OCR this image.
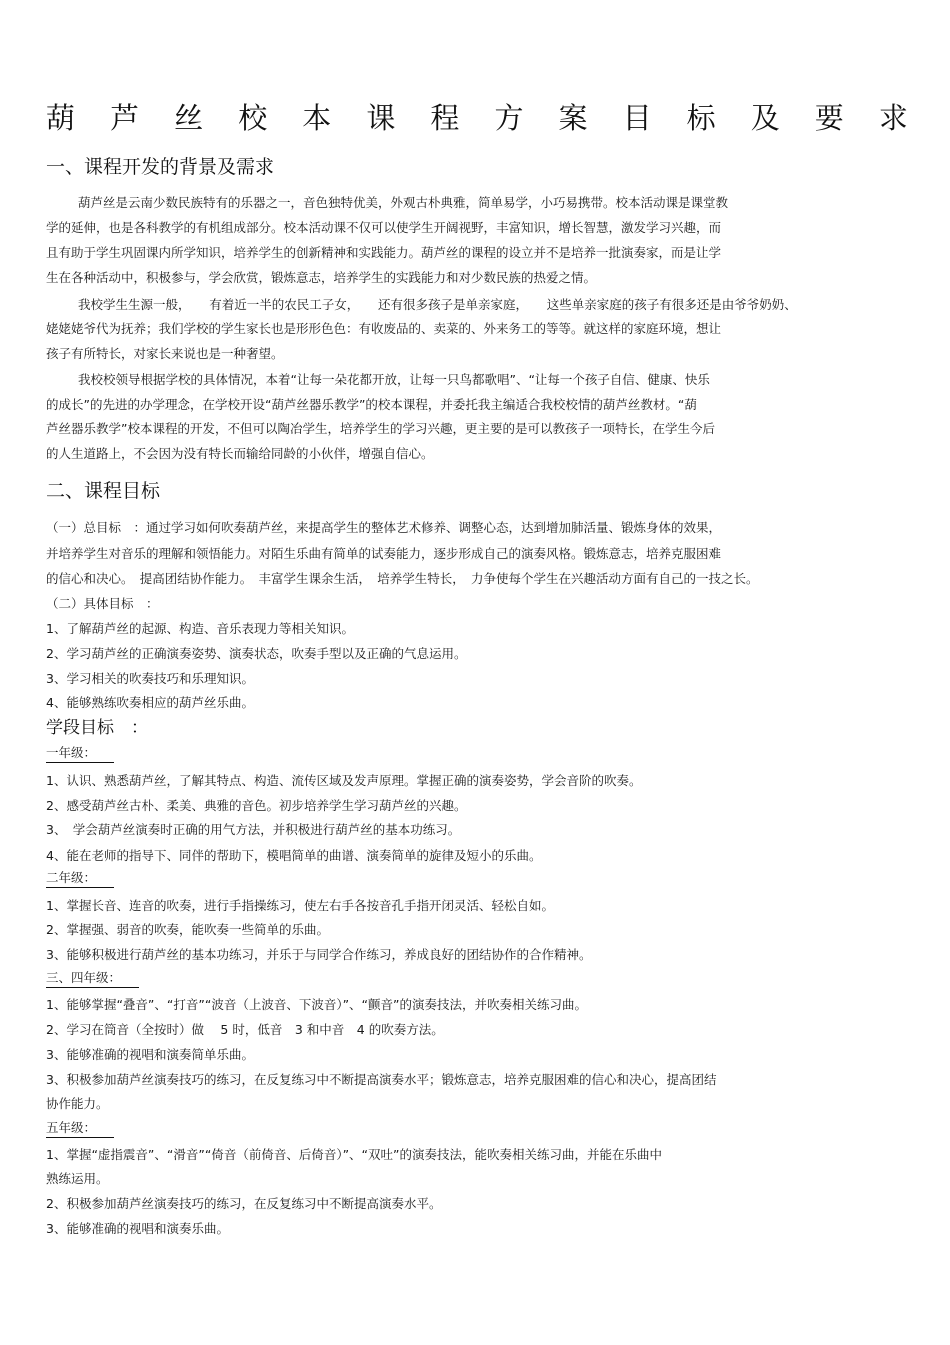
葫 芦 丝 校 本 课 程 方 案 目 标 及 要 求
一、课程开发的背景及需求
葫芦丝是云南少数民族特有的乐器之一，音色独特优美，外观古朴典雅，简单易学，小巧易携带。校本活动课是课堂教
学的延伸，也是各科教学的有机组成部分。校本活动课不仅可以使学生开阔视野，丰富知识，增长智慧，激发学习兴趣，而
且有助于学生巩固课内所学知识，培养学生的创新精神和实践能力。葫芦丝的课程的设立并不是培养一批演奏家，而是让学
生在各种活动中，积极参与，学会欣赏，锻炼意志，培养学生的实践能力和对少数民族的热爱之情。
我校学生生源一般，　　有着近一半的农民工子女，　　还有很多孩子是单亲家庭，　　这些单亲家庭的孩子有很多还是由爷爷奶奶、
姥姥姥爷代为抚养；我们学校的学生家长也是形形色色：有收废品的、卖菜的、外来务工的等等。就这样的家庭环境，想让
孩子有所特长，对家长来说也是一种奢望。
我校校领导根据学校的具体情况，本着“让每一朵花都开放，让每一只鸟都歌唱”、“让每一个孩子自信、健康、快乐
的成长”的先进的办学理念，在学校开设“葫芦丝器乐教学”的校本课程，并委托我主编适合我校校情的葫芦丝教材。“葫
芦丝器乐教学”校本课程的开发，不但可以陶冶学生，培养学生的学习兴趣，更主要的是可以教孩子一项特长，在学生今后
的人生道路上，不会因为没有特长而输给同龄的小伙伴，增强自信心。
二、课程目标
（一）总目标　：通过学习如何吹奏葫芦丝，来提高学生的整体艺术修养、调整心态，达到增加肺活量、锻炼身体的效果，
并培养学生对音乐的理解和领悟能力。对陌生乐曲有简单的试奏能力，逐步形成自己的演奏风格。锻炼意志，培养克服困难
的信心和决心。　提高团结协作能力。　丰富学生课余生活，　培养学生特长，　力争使每个学生在兴趣活动方面有自己的一技之长。
（二）具体目标　：
1、了解葫芦丝的起源、构造、音乐表现力等相关知识。
2、学习葫芦丝的正确演奏姿势、演奏状态，吹奏手型以及正确的气息运用。
3、学习相关的吹奏技巧和乐理知识。
4、能够熟练吹奏相应的葫芦丝乐曲。
学段目标　：
一年级：
1、认识、熟悉葫芦丝，了解其特点、构造、流传区域及发声原理。掌握正确的演奏姿势，学会音阶的吹奏。
2、感受葫芦丝古朴、柔美、典雅的音色。初步培养学生学习葫芦丝的兴趣。
3、　学会葫芦丝演奏时正确的用气方法，并积极进行葫芦丝的基本功练习。
4、能在老师的指导下、同伴的帮助下，模唱简单的曲谱、演奏简单的旋律及短小的乐曲。
二年级：
1、掌握长音、连音的吹奏，进行手指操练习，使左右手各按音孔手指开闭灵活、轻松自如。
2、掌握强、弱音的吹奏，能吹奏一些简单的乐曲。
3、能够积极进行葫芦丝的基本功练习，并乐于与同学合作练习，养成良好的团结协作的合作精神。
三、四年级：
1、能够掌握“叠音”、“打音”“波音（上波音、下波音）”、“颤音”的演奏技法，并吹奏相关练习曲。
2、学习在筒音（全按时）做　 5 时，低音　3 和中音　4 的吹奏方法。
3、能够准确的视唱和演奏简单乐曲。
3、积极参加葫芦丝演奏技巧的练习，在反复练习中不断提高演奏水平；锻炼意志，培养克服困难的信心和决心，提高团结
协作能力。
五年级：
1、掌握“虚指震音”、“滑音”“倚音（前倚音、后倚音）”、“双吐”的演奏技法，能吹奏相关练习曲，并能在乐曲中
熟练运用。
2、积极参加葫芦丝演奏技巧的练习，在反复练习中不断提高演奏水平。
3、能够准确的视唱和演奏乐曲。
